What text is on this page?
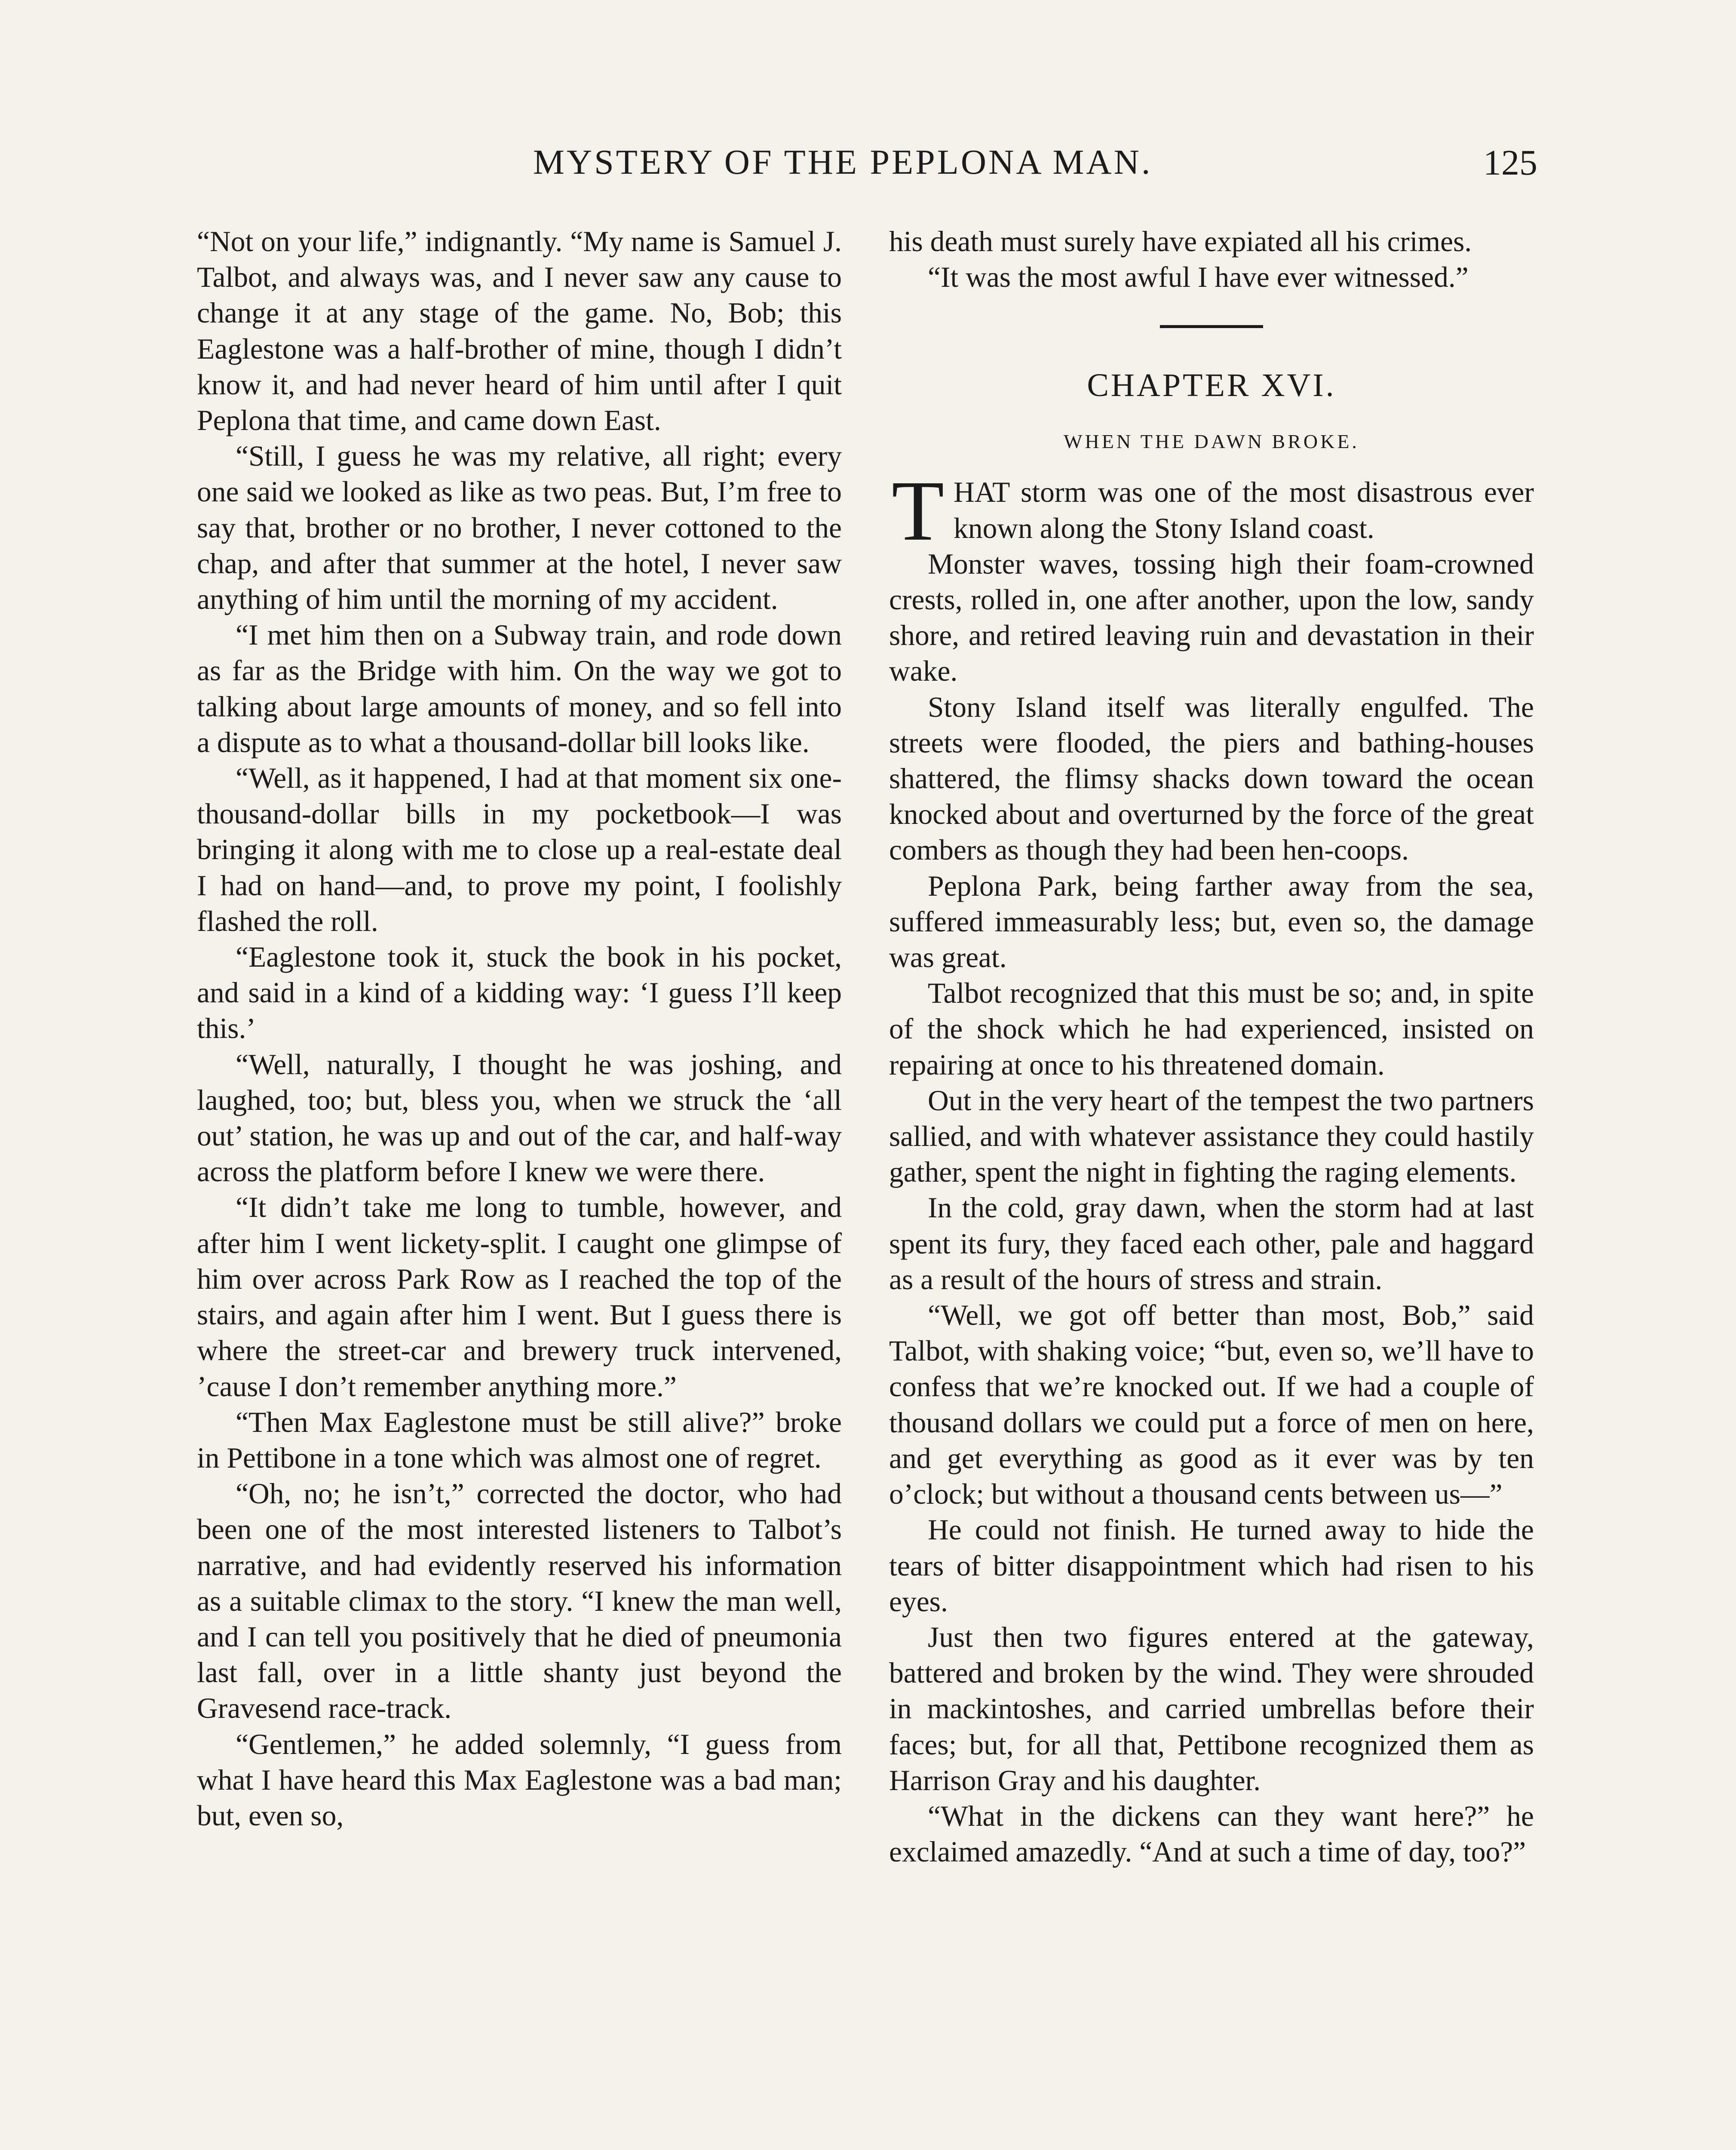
MYSTERY OF THE PEPLONA MAN.	125

“Not on your life,” indignantly. “My name is Samuel J. Talbot, and always was, and I never saw any cause to change it at any stage of the game. No, Bob; this Eaglestone was a half-brother of mine, though I didn’t know it, and had never heard of him until after I quit Peplona that time, and came down East.

“Still, I guess he was my relative, all right; every one said we looked as like as two peas. But, I’m free to say that, brother or no brother, I never cottoned to the chap, and after that summer at the hotel, I never saw anything of him until the morning of my accident.

“I met him then on a Subway train, and rode down as far as the Bridge with him. On the way we got to talking about large amounts of money, and so fell into a dispute as to what a thousand-dollar bill looks like.

“Well, as it happened, I had at that moment six one-thousand-dollar bills in my pocketbook—I was bringing it along with me to close up a real-estate deal I had on hand—and, to prove my point, I foolishly flashed the roll.

“Eaglestone took it, stuck the book in his pocket, and said in a kind of a kidding way: ‘I guess I’ll keep this.’

“Well, naturally, I thought he was joshing, and laughed, too; but, bless you, when we struck the ‘all out’ station, he was up and out of the car, and half-way across the platform before I knew we were there.

“It didn’t take me long to tumble, however, and after him I went lickety-split. I caught one glimpse of him over across Park Row as I reached the top of the stairs, and again after him I went. But I guess there is where the street-car and brewery truck intervened, ’cause I don’t remember anything more.”

“Then Max Eaglestone must be still alive?” broke in Pettibone in a tone which was almost one of regret.

“Oh, no; he isn’t,” corrected the doctor, who had been one of the most interested listeners to Talbot’s narrative, and had evidently reserved his information as a suitable climax to the story. “I knew the man well, and I can tell you positively that he died of pneumonia last fall, over in a little shanty just beyond the Gravesend race-track.

“Gentlemen,” he added solemnly, “I guess from what I have heard this Max Eaglestone was a bad man; but, even so,

his death must surely have expiated all his crimes.

“It was the most awful I have ever witnessed.”

CHAPTER XVI.
WHEN THE DAWN BROKE.

THAT storm was one of the most disastrous ever known along the Stony Island coast.

Monster waves, tossing high their foam-crowned crests, rolled in, one after another, upon the low, sandy shore, and retired leaving ruin and devastation in their wake.

Stony Island itself was literally engulfed. The streets were flooded, the piers and bathing-houses shattered, the flimsy shacks down toward the ocean knocked about and overturned by the force of the great combers as though they had been hen-coops.

Peplona Park, being farther away from the sea, suffered immeasurably less; but, even so, the damage was great.

Talbot recognized that this must be so; and, in spite of the shock which he had experienced, insisted on repairing at once to his threatened domain.

Out in the very heart of the tempest the two partners sallied, and with whatever assistance they could hastily gather, spent the night in fighting the raging elements.

In the cold, gray dawn, when the storm had at last spent its fury, they faced each other, pale and haggard as a result of the hours of stress and strain.

“Well, we got off better than most, Bob,” said Talbot, with shaking voice; “but, even so, we’ll have to confess that we’re knocked out. If we had a couple of thousand dollars we could put a force of men on here, and get everything as good as it ever was by ten o’clock; but without a thousand cents between us—”

He could not finish. He turned away to hide the tears of bitter disappointment which had risen to his eyes.

Just then two figures entered at the gateway, battered and broken by the wind. They were shrouded in mackintoshes, and carried umbrellas before their faces; but, for all that, Pettibone recognized them as Harrison Gray and his daughter.

“What in the dickens can they want here?” he exclaimed amazedly. “And at such a time of day, too?”
